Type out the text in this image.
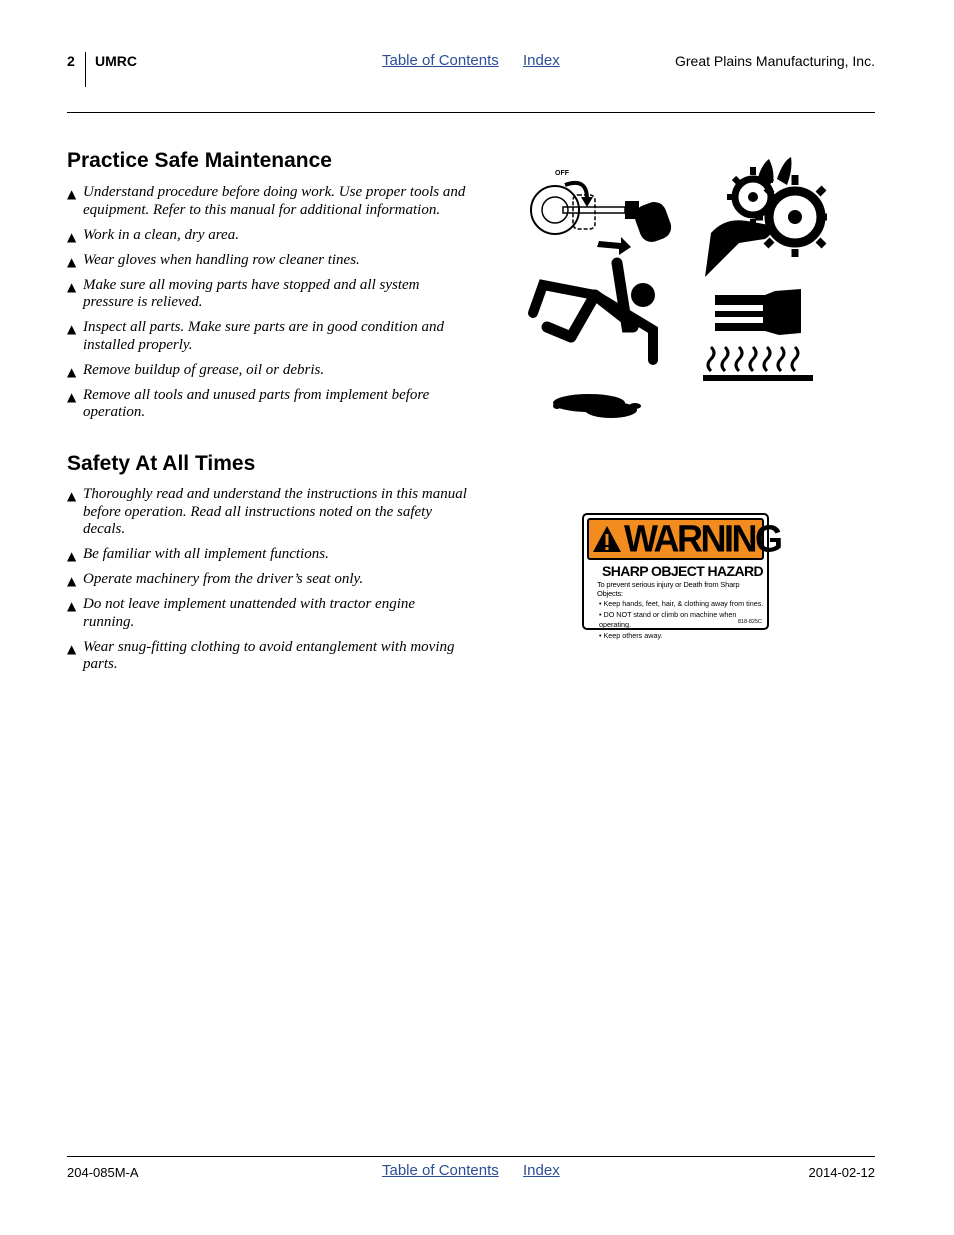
2 UMRC	Table of Contents Index	Great Plains Manufacturing, Inc.
Practice Safe Maintenance
▲ Understand procedure before doing work. Use proper tools and equipment. Refer to this manual for additional information.
▲ Work in a clean, dry area.
▲ Wear gloves when handling row cleaner tines.
▲ Make sure all moving parts have stopped and all system pressure is relieved.
▲ Inspect all parts. Make sure parts are in good condition and installed properly.
▲ Remove buildup of grease, oil or debris.
▲ Remove all tools and unused parts from implement before operation.
Safety At All Times
▲ Thoroughly read and understand the instructions in this manual before operation. Read all instructions noted on the safety decals.
▲ Be familiar with all implement functions.
▲ Operate machinery from the driver’s seat only.
▲ Do not leave implement unattended with tractor engine running.
▲ Wear snug-fitting clothing to avoid entanglement with moving parts.
OFF
WARNING
SHARP OBJECT HAZARD
To prevent serious injury or Death from Sharp Objects:
• Keep hands, feet, hair, & clothing away from tines.
• DO NOT stand or climb on machine when operating.
• Keep others away.
818-825C
204-085M-A	Table of Contents Index	2014-02-12
